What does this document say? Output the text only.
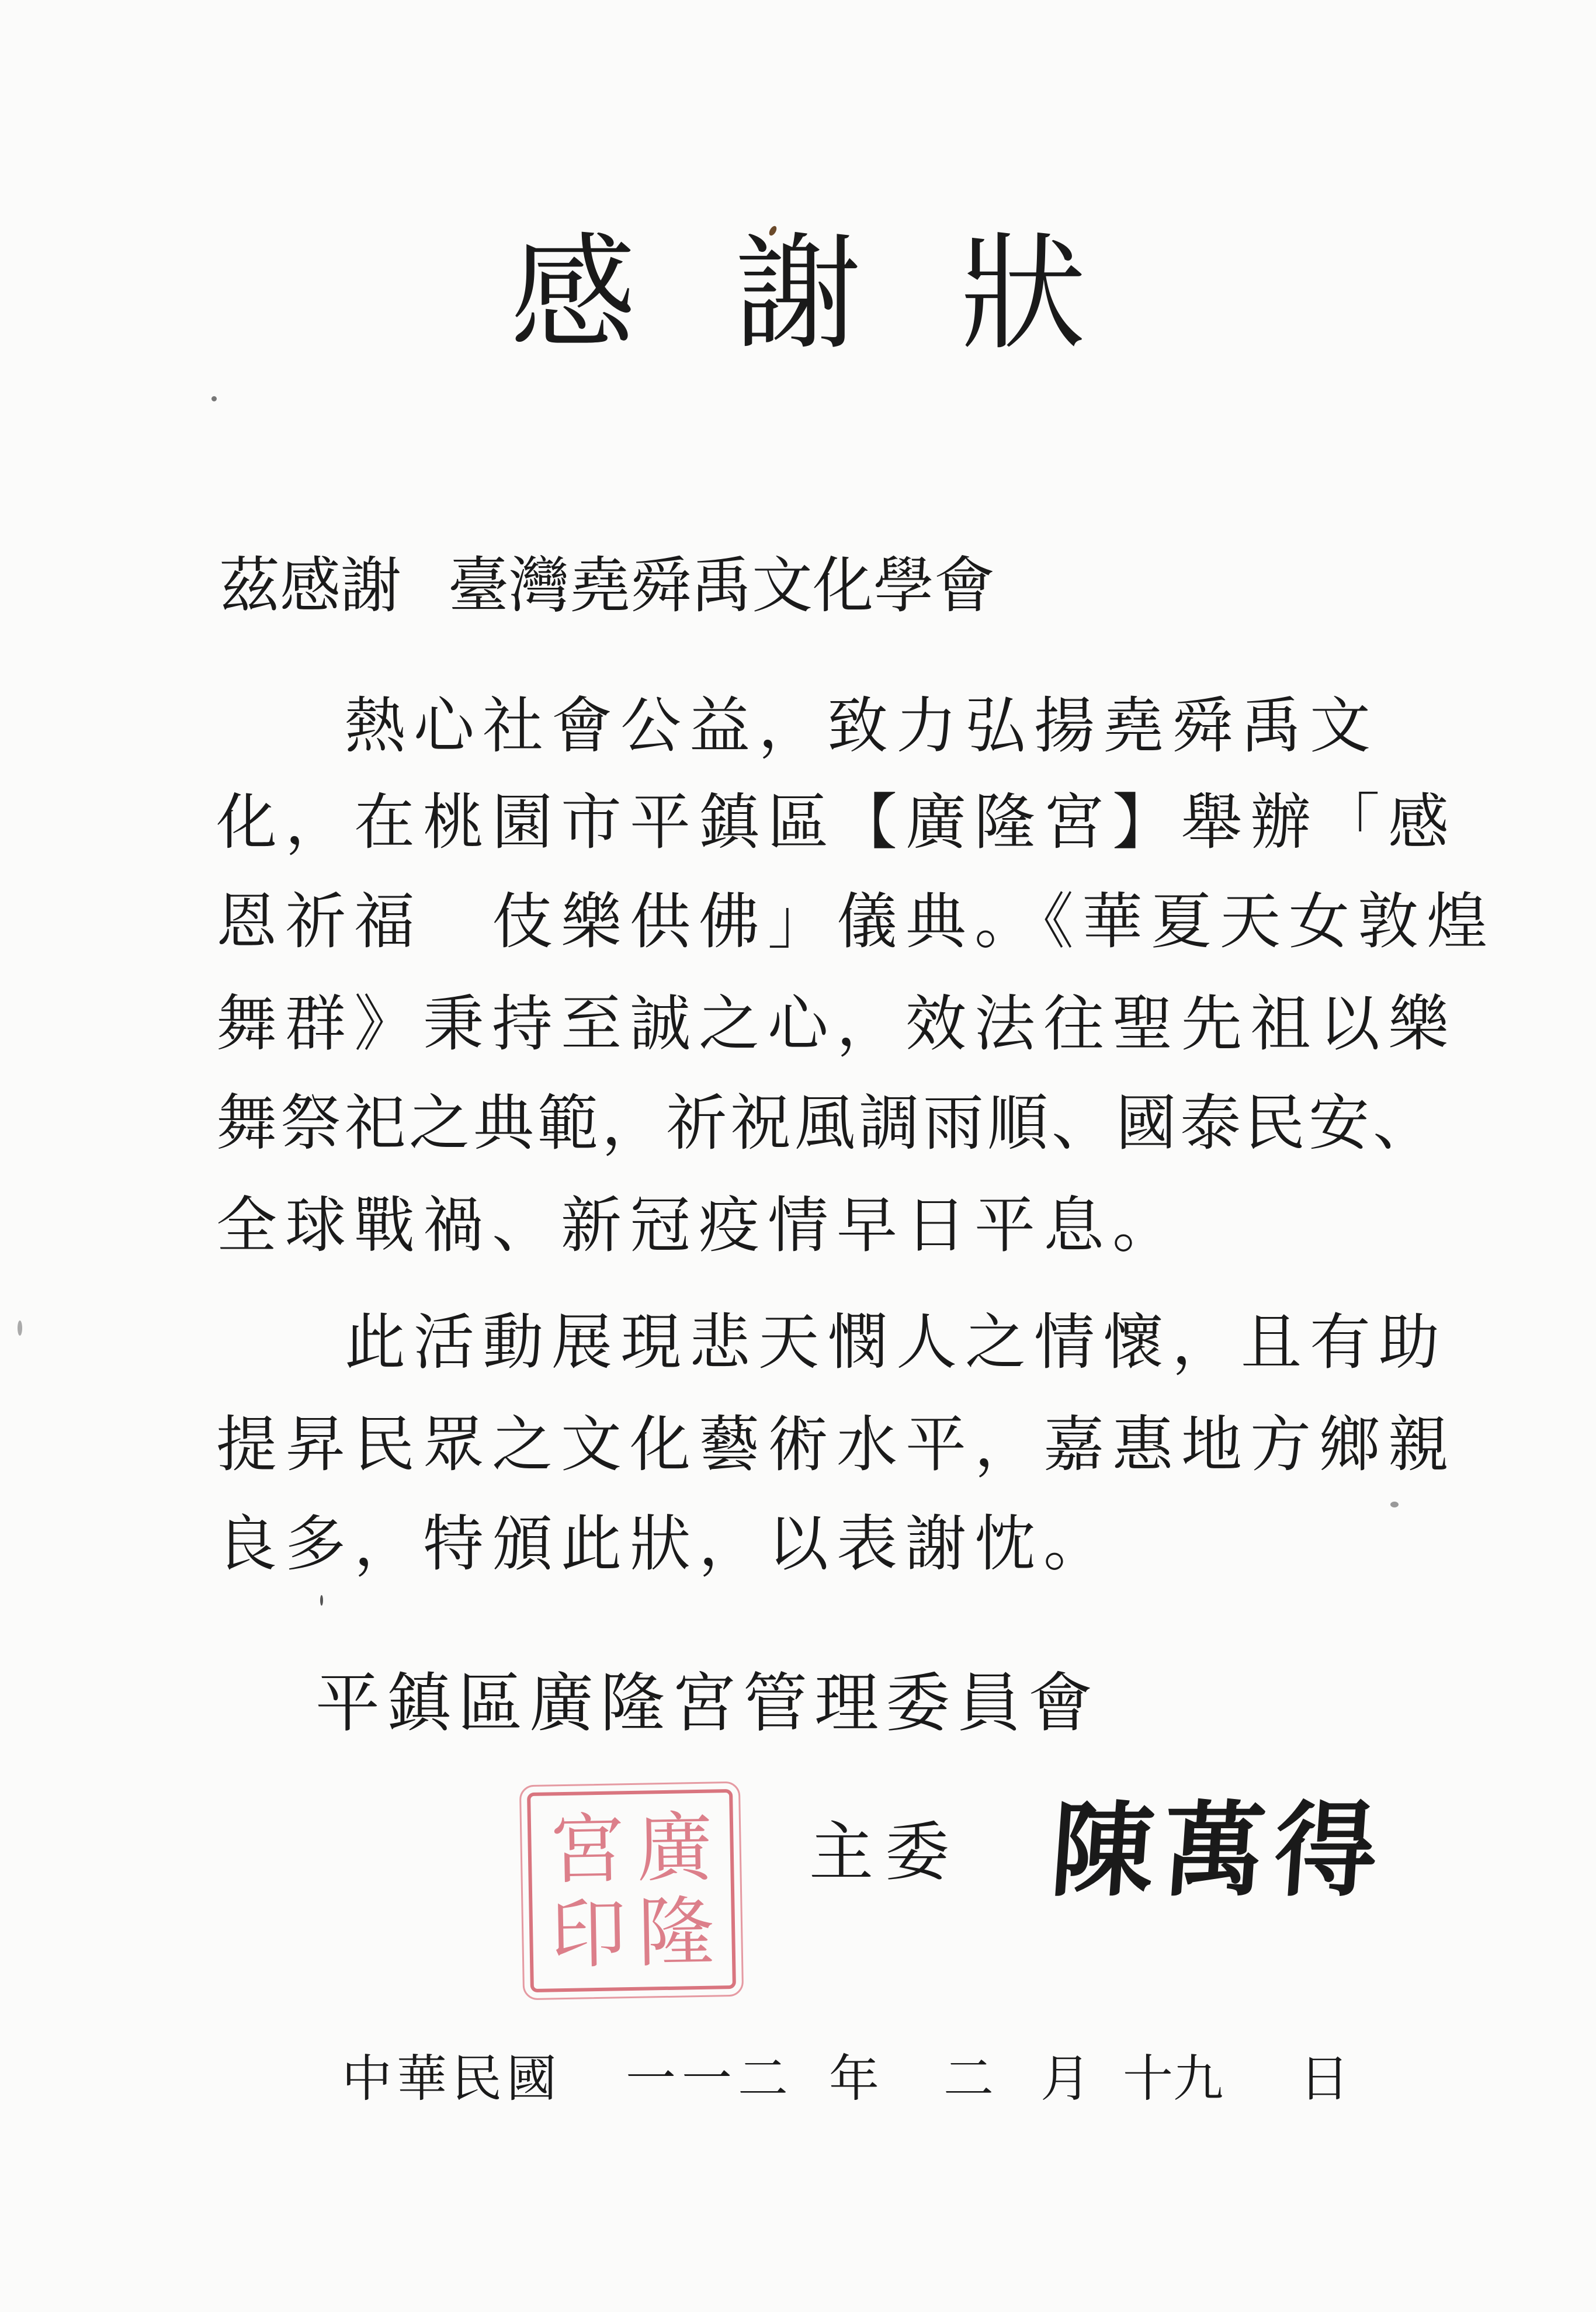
感謝狀
茲感謝 臺灣堯舜禹文化學會
熱心社會公益，致力弘揚堯舜禹文
化，在桃園市平鎮區【廣隆宮】舉辦「感
恩祈福　伎樂供佛」儀典。《華夏天女敦煌
舞群》秉持至誠之心，效法往聖先祖以樂
舞祭祀之典範，祈祝風調雨順、國泰民安、
全球戰禍、新冠疫情早日平息。
此活動展現悲天憫人之情懷，且有助
提昇民眾之文化藝術水平，嘉惠地方鄉親
良多，特頒此狀，以表謝忱。
平鎮區廣隆宮管理委員會
宮 廣
印 隆
主委 陳萬得
中華民國 一一二 年 二 月 十九 日
